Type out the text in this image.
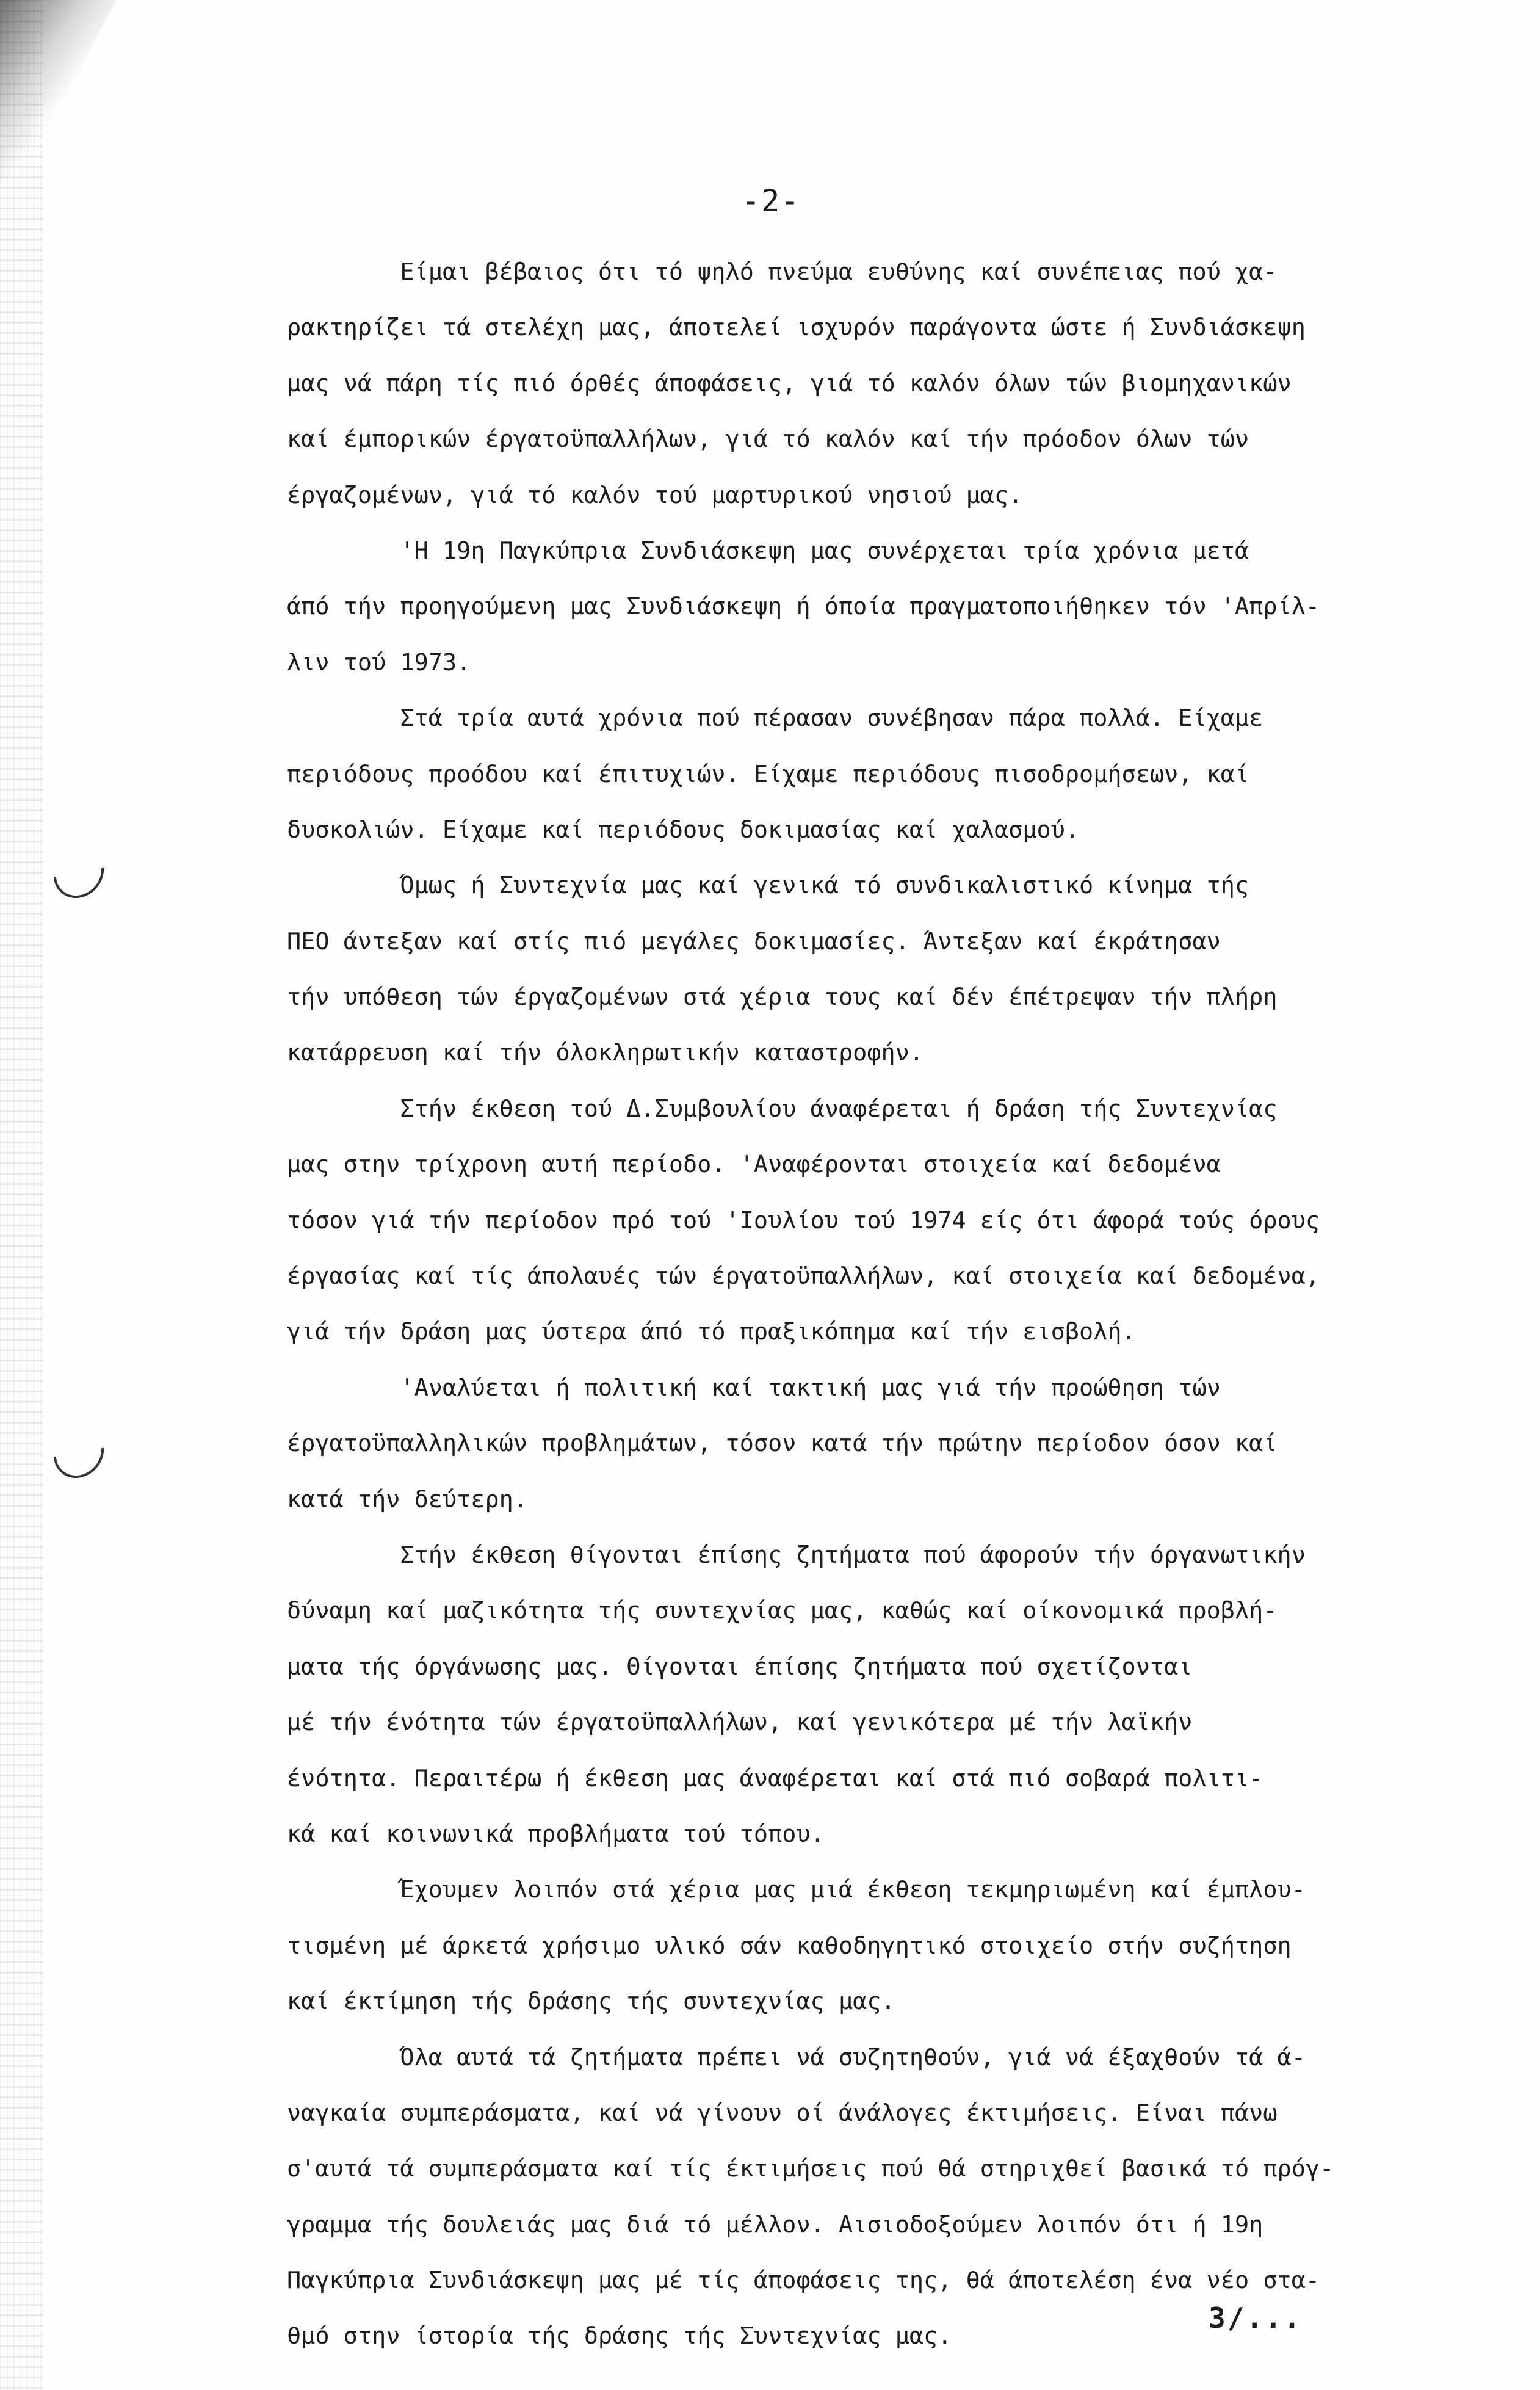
-2-
Είμαι βέβαιος ότι τό ψηλό πνεύμα ευθύνης καί συνέπειας πού χα-
ρακτηρίζει τά στελέχη μας, άποτελεί ισχυρόν παράγοντα ώστε ή Συνδιάσκεψη
μας νά πάρη τίς πιό όρθές άποφάσεις, γιά τό καλόν όλων τών βιομηχανικών
καί έμπορικών έργατοϋπαλλήλων, γιά τό καλόν καί τήν πρόοδον όλων τών
έργαζομένων, γιά τό καλόν τού μαρτυρικού νησιού μας.
'Η 19η Παγκύπρια Συνδιάσκεψη μας συνέρχεται τρία χρόνια μετά
άπό τήν προηγούμενη μας Συνδιάσκεψη ή όποία πραγματοποιήθηκεν τόν 'Απρίλ-
λιν τού 1973.
Στά τρία αυτά χρόνια πού πέρασαν συνέβησαν πάρα πολλά. Είχαμε
περιόδους προόδου καί έπιτυχιών. Είχαμε περιόδους πισοδρομήσεων, καί
δυσκολιών. Είχαμε καί περιόδους δοκιμασίας καί χαλασμού.
Όμως ή Συντεχνία μας καί γενικά τό συνδικαλιστικό κίνημα τής
ΠΕΟ άντεξαν καί στίς πιό μεγάλες δοκιμασίες. Άντεξαν καί έκράτησαν
τήν υπόθεση τών έργαζομένων στά χέρια τους καί δέν έπέτρεψαν τήν πλήρη
κατάρρευση καί τήν όλοκληρωτικήν καταστροφήν.
Στήν έκθεση τού Δ.Συμβουλίου άναφέρεται ή δράση τής Συντεχνίας
μας στην τρίχρονη αυτή περίοδο. 'Αναφέρονται στοιχεία καί δεδομένα
τόσον γιά τήν περίοδον πρό τού 'Ιουλίου τού 1974 είς ότι άφορά τούς όρους
έργασίας καί τίς άπολαυές τών έργατοϋπαλλήλων, καί στοιχεία καί δεδομένα,
γιά τήν δράση μας ύστερα άπό τό πραξικόπημα καί τήν εισβολή.
'Αναλύεται ή πολιτική καί τακτική μας γιά τήν προώθηση τών
έργατοϋπαλληλικών προβλημάτων, τόσον κατά τήν πρώτην περίοδον όσον καί
κατά τήν δεύτερη.
Στήν έκθεση θίγονται έπίσης ζητήματα πού άφορούν τήν όργανωτικήν
δύναμη καί μαζικότητα τής συντεχνίας μας, καθώς καί οίκονομικά προβλή-
ματα τής όργάνωσης μας. Θίγονται έπίσης ζητήματα πού σχετίζονται
μέ τήν ένότητα τών έργατοϋπαλλήλων, καί γενικότερα μέ τήν λαϊκήν
ένότητα. Περαιτέρω ή έκθεση μας άναφέρεται καί στά πιό σοβαρά πολιτι-
κά καί κοινωνικά προβλήματα τού τόπου.
Έχουμεν λοιπόν στά χέρια μας μιά έκθεση τεκμηριωμένη καί έμπλου-
τισμένη μέ άρκετά χρήσιμο υλικό σάν καθοδηγητικό στοιχείο στήν συζήτηση
καί έκτίμηση τής δράσης τής συντεχνίας μας.
Όλα αυτά τά ζητήματα πρέπει νά συζητηθούν, γιά νά έξαχθούν τά ά-
ναγκαία συμπεράσματα, καί νά γίνουν οί άνάλογες έκτιμήσεις. Είναι πάνω
σ'αυτά τά συμπεράσματα καί τίς έκτιμήσεις πού θά στηριχθεί βασικά τό πρόγ-
γραμμα τής δουλειάς μας διά τό μέλλον. Αισιοδοξούμεν λοιπόν ότι ή 19η
Παγκύπρια Συνδιάσκεψη μας μέ τίς άποφάσεις της, θά άποτελέση ένα νέο στα-
θμό στην ίστορία τής δράσης τής Συντεχνίας μας.
3/...
